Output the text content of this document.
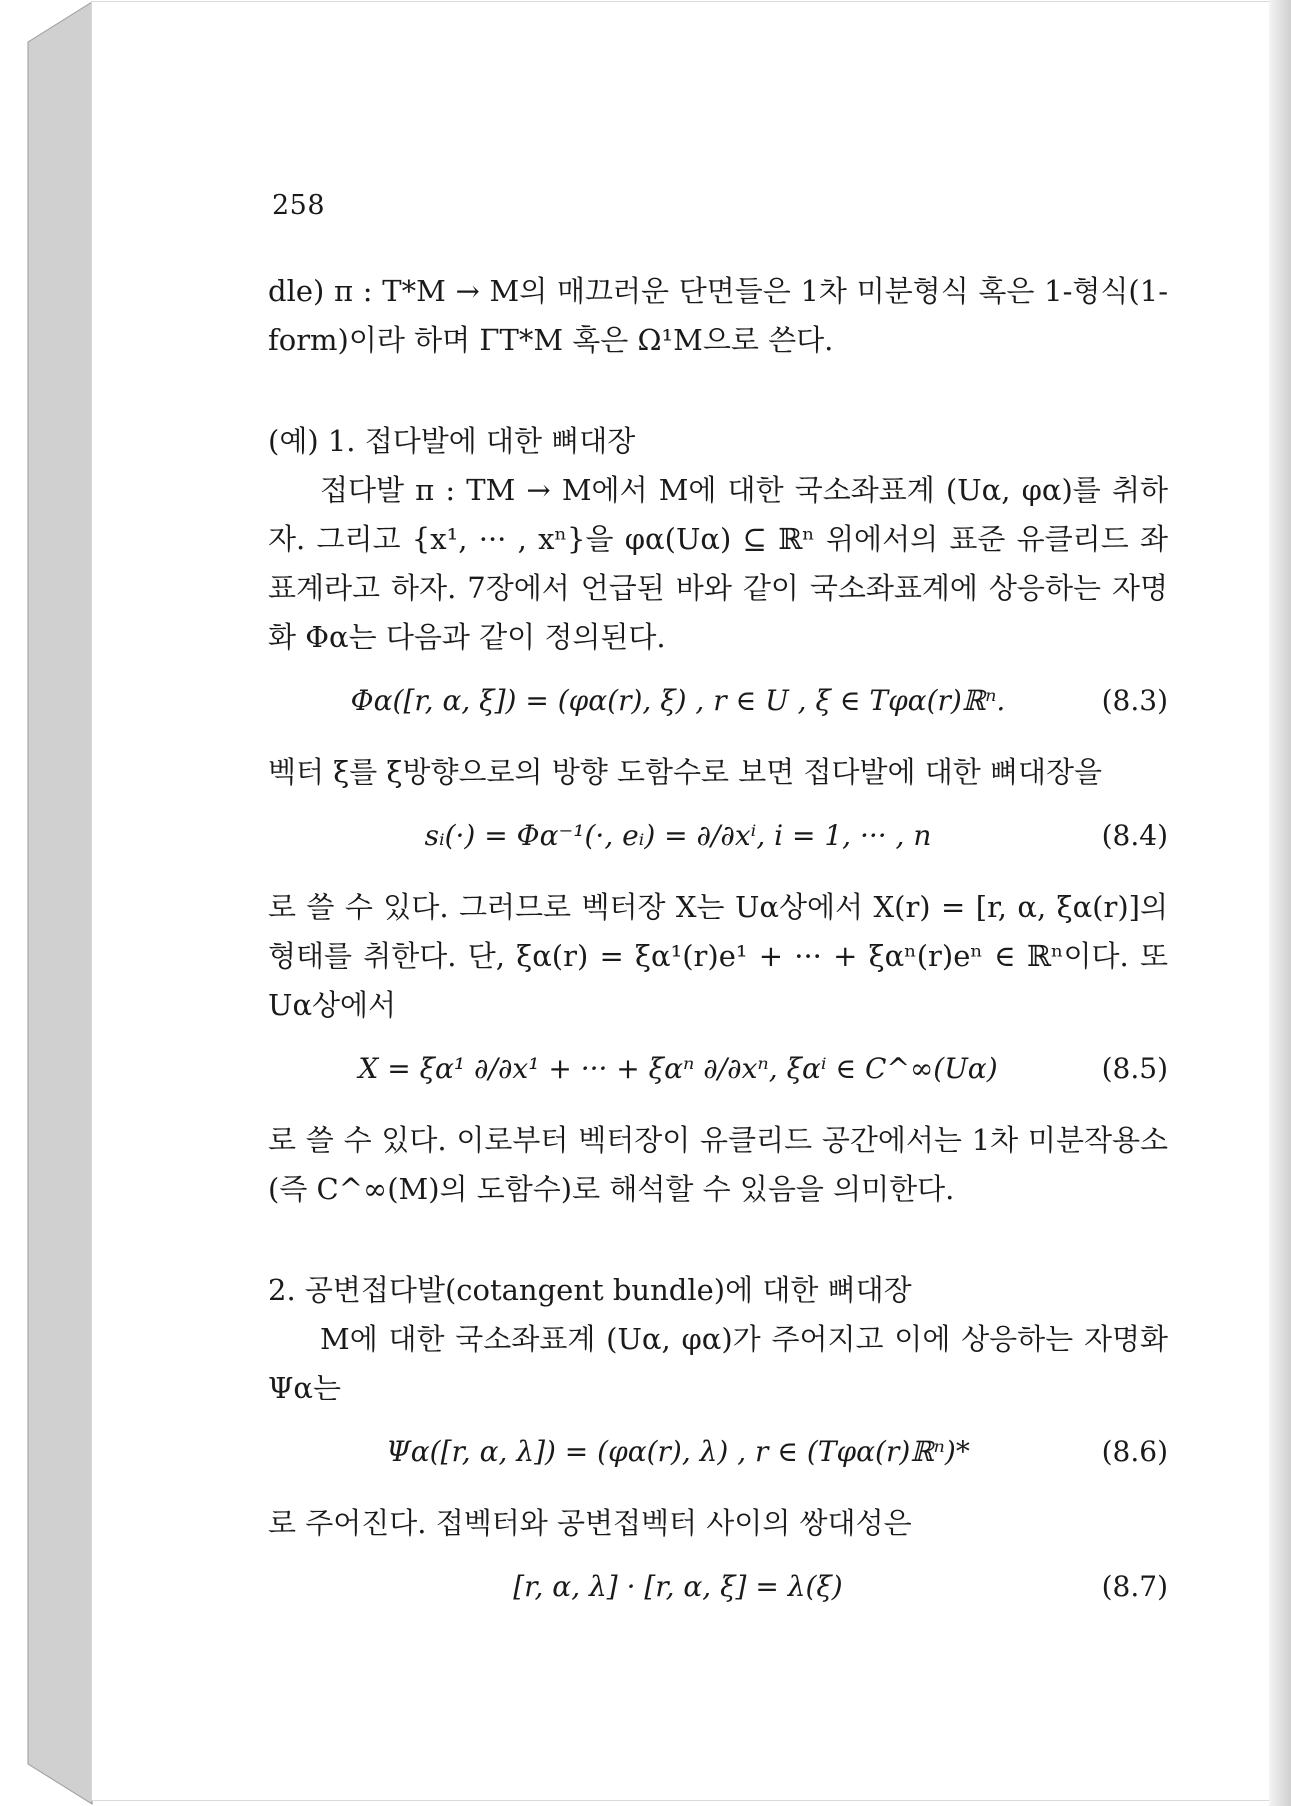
258

dle) π : T*M → M의 매끄러운 단면들은 1차 미분형식 혹은 1-형식(1-form)이라 하며 ΓT*M 혹은 Ω¹M으로 쓴다.

(예) 1. 접다발에 대한 뼈대장

접다발 π : TM → M에서 M에 대한 국소좌표계 (Uα, φα)를 취하자. 그리고 {x¹, ··· , xⁿ}을 φα(Uα) ⊆ ℝⁿ 위에서의 표준 유클리드 좌표계라고 하자. 7장에서 언급된 바와 같이 국소좌표계에 상응하는 자명화 Φα는 다음과 같이 정의된다.

Φα([r, α, ξ]) = (φα(r), ξ) , r ∈ U , ξ ∈ Tφα(r)ℝⁿ.	(8.3)

벡터 ξ를 ξ방향으로의 방향 도함수로 보면 접다발에 대한 뼈대장을

sᵢ(·) = Φα⁻¹(·, eᵢ) = ∂/∂xⁱ, i = 1, ··· , n	(8.4)

로 쓸 수 있다. 그러므로 벡터장 X는 Uα상에서 X(r) = [r, α, ξα(r)]의 형태를 취한다. 단, ξα(r) = ξα¹(r)e¹ + ··· + ξαⁿ(r)eⁿ ∈ ℝⁿ이다. 또 Uα상에서

X = ξα¹ ∂/∂x¹ + ··· + ξαⁿ ∂/∂xⁿ, ξαⁱ ∈ C^∞(Uα)	(8.5)

로 쓸 수 있다. 이로부터 벡터장이 유클리드 공간에서는 1차 미분작용소 (즉 C^∞(M)의 도함수)로 해석할 수 있음을 의미한다.

2. 공변접다발(cotangent bundle)에 대한 뼈대장

M에 대한 국소좌표계 (Uα, φα)가 주어지고 이에 상응하는 자명화 Ψα는

Ψα([r, α, λ]) = (φα(r), λ) , r ∈ (Tφα(r)ℝⁿ)*	(8.6)

로 주어진다. 접벡터와 공변접벡터 사이의 쌍대성은

[r, α, λ] · [r, α, ξ] = λ(ξ)	(8.7)
